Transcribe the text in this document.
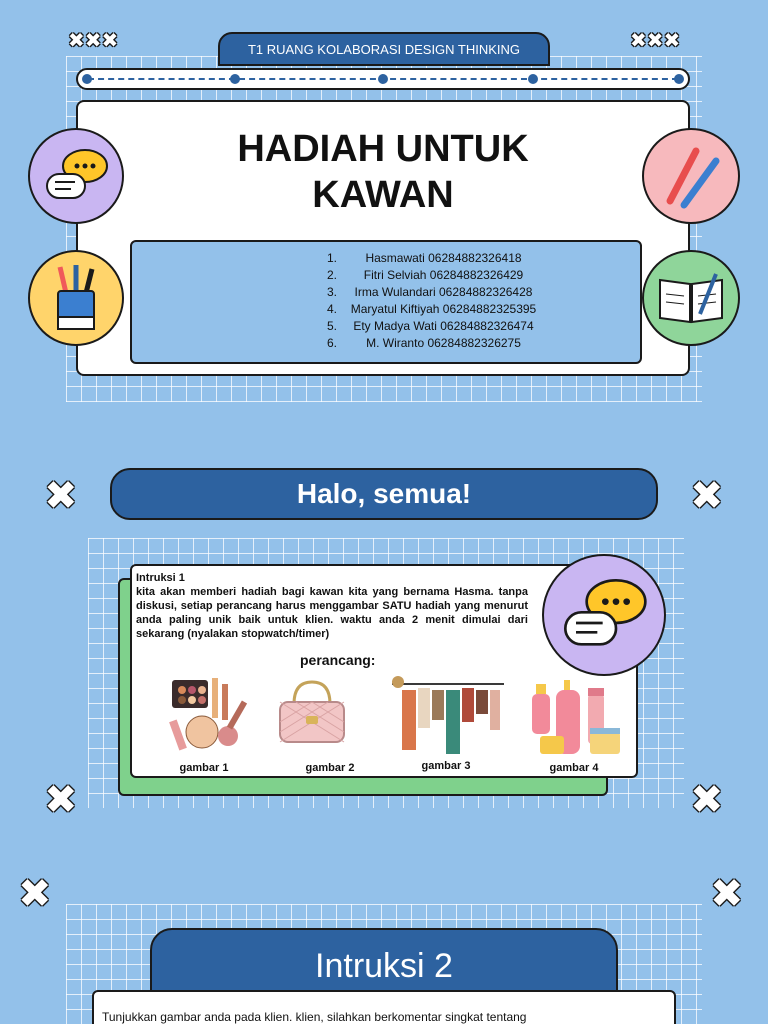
✖✖✖	✖✖✖
T1 RUANG KOLABORASI DESIGN THINKING
HADIAH UNTUK
KAWAN
1.	Hasmawati 06284882326418
2.	Fitri Selviah 06284882326429
3.	Irma Wulandari 06284882326428
4.	Maryatul Kiftiyah 06284882325395
5.	Ety Madya Wati 06284882326474
6.	M. Wiranto 06284882326275
✖	✖
✖	✖
Halo, semua!
Intruksi 1
kita akan memberi hadiah bagi kawan kita yang bernama Hasma. tanpa diskusi, setiap perancang harus menggambar SATU hadiah yang menurut anda paling unik baik untuk klien. waktu anda 2 menit dimulai dari sekarang (nyalakan stopwatch/timer)
perancang:
gambar 1	gambar 2	gambar 3	gambar 4
✖	✖
Intruksi 2
Tunjukkan gambar anda pada klien. klien, silahkan berkomentar singkat tentang
